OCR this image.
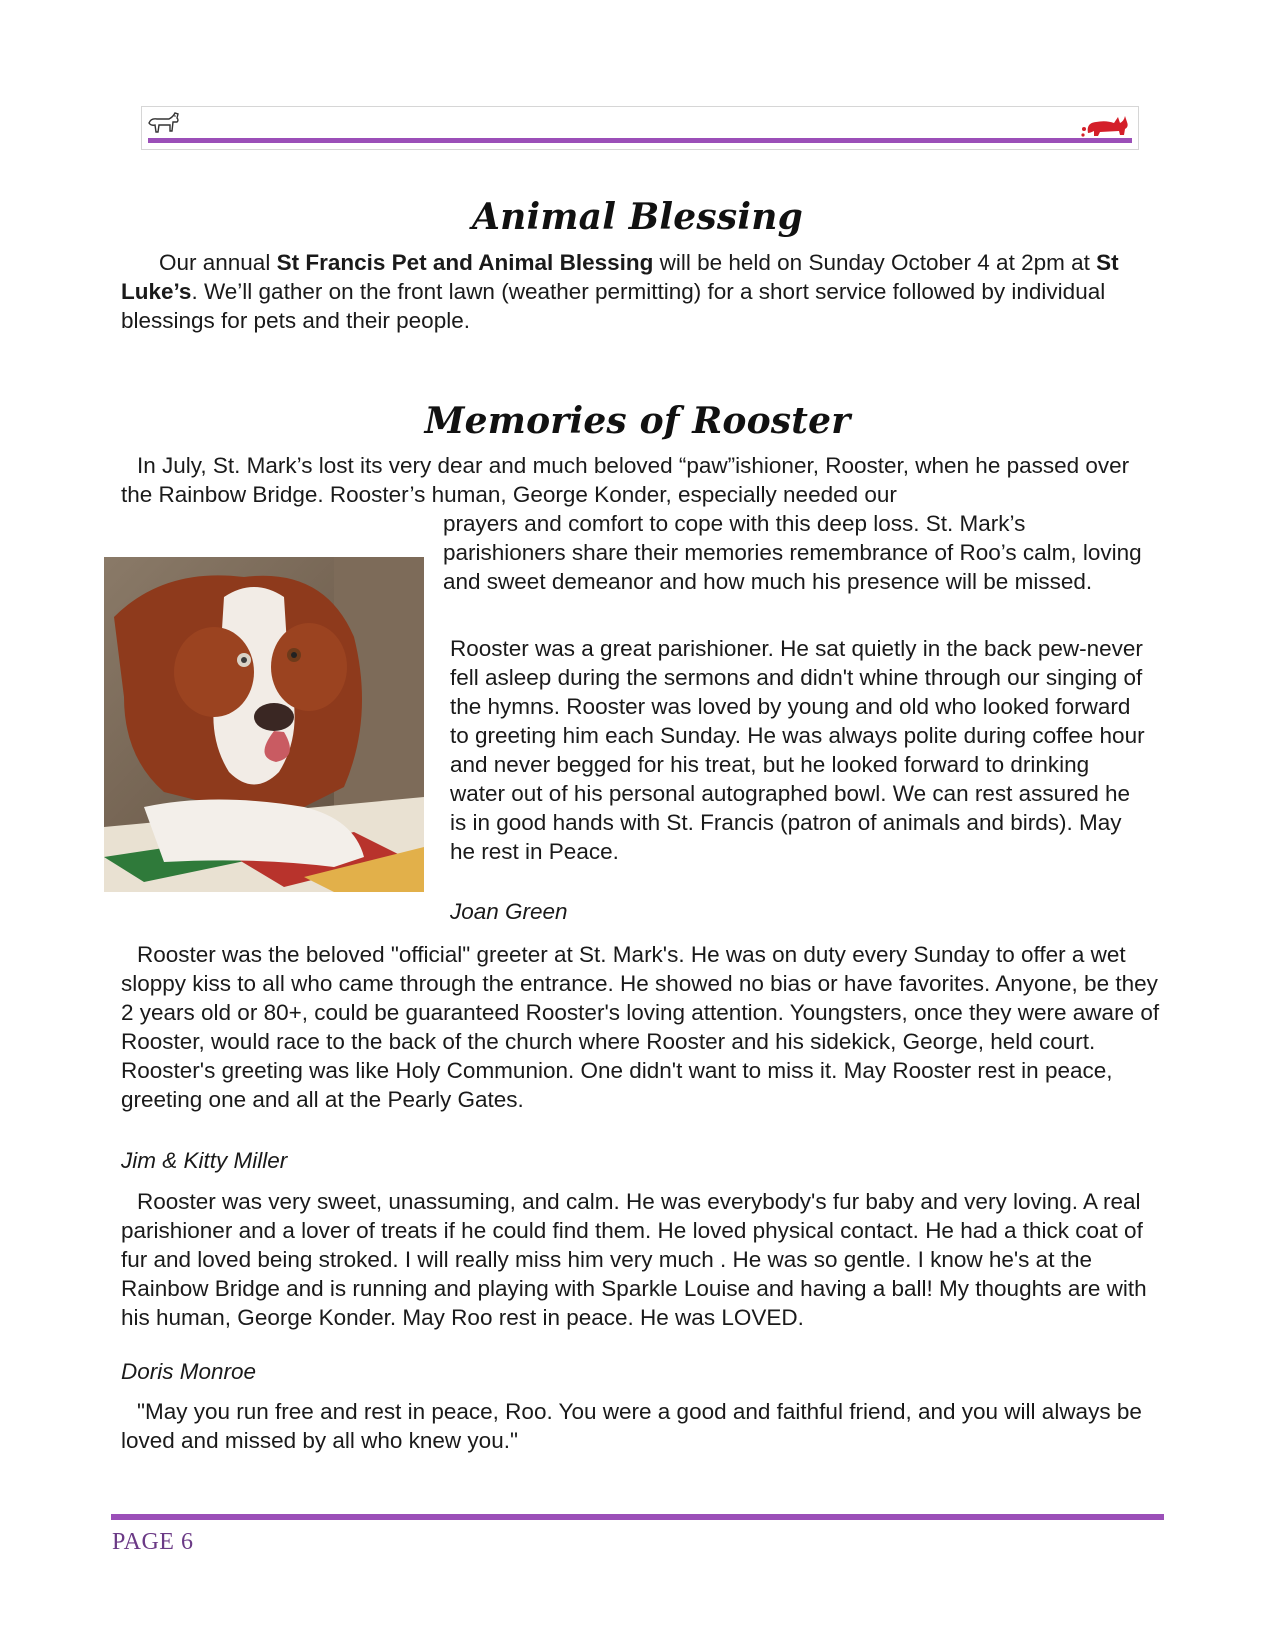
Animal Blessing

Our annual St Francis Pet and Animal Blessing will be held on Sunday October 4 at 2pm at St Luke’s. We’ll gather on the front lawn (weather permitting) for a short service followed by individual blessings for pets and their people.

Memories of Rooster

In July, St. Mark’s lost its very dear and much beloved “paw”ishioner, Rooster, when he passed over the Rainbow Bridge. Rooster’s human, George Konder, especially needed our

prayers and comfort to cope with this deep loss. St. Mark’s parishioners share their memories remembrance of Roo’s calm, loving and sweet demeanor and how much his presence will be missed.

Rooster was a great parishioner. He sat quietly in the back pew-never fell asleep during the sermons and didn't whine through our singing of the hymns. Rooster was loved by young and old who looked forward to greeting him each Sunday. He was always polite during coffee hour and never begged for his treat, but he looked forward to drinking water out of his personal autographed bowl. We can rest assured he is in good hands with St. Francis (patron of animals and birds). May he rest in Peace.

Joan Green

Rooster was the beloved "official" greeter at St. Mark's. He was on duty every Sunday to offer a wet sloppy kiss to all who came through the entrance. He showed no bias or have favorites. Anyone, be they 2 years old or 80+, could be guaranteed Rooster's loving attention. Youngsters, once they were aware of Rooster, would race to the back of the church where Rooster and his sidekick, George, held court. Rooster's greeting was like Holy Communion. One didn't want to miss it. May Rooster rest in peace, greeting one and all at the Pearly Gates.

Jim & Kitty Miller

Rooster was very sweet, unassuming, and calm. He was everybody's fur baby and very loving. A real parishioner and a lover of treats if he could find them. He loved physical contact. He had a thick coat of fur and loved being stroked. I will really miss him very much . He was so gentle. I know he's at the Rainbow Bridge and is running and playing with Sparkle Louise and having a ball! My thoughts are with his human, George Konder. May Roo rest in peace. He was LOVED.

Doris Monroe

"May you run free and rest in peace, Roo. You were a good and faithful friend, and you will always be loved and missed by all who knew you."

PAGE 6
